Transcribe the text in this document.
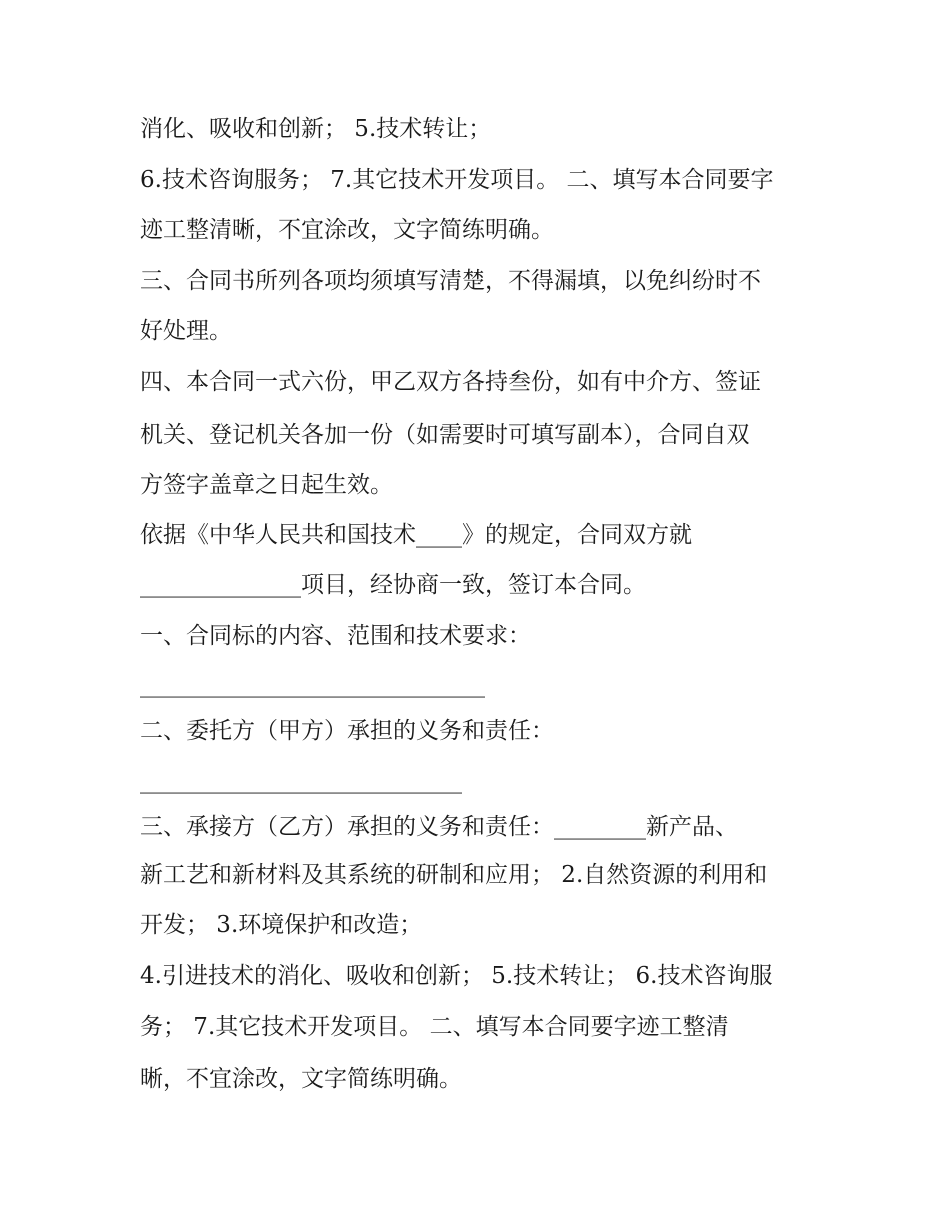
消化、吸收和创新； 5.技术转让；
6.技术咨询服务； 7.其它技术开发项目。 二、填写本合同要字
迹工整清晰，不宜涂改，文字简练明确。
三、合同书所列各项均须填写清楚，不得漏填，以免纠纷时不
好处理。
四、本合同一式六份，甲乙双方各持叁份，如有中介方、签证
机关、登记机关各加一份（如需要时可填写副本），合同自双
方签字盖章之日起生效。
依据《中华人民共和国技术____》的规定，合同双方就
______________项目，经协商一致，签订本合同。
一、合同标的内容、范围和技术要求：
______________________________
二、委托方（甲方）承担的义务和责任：
____________________________
三、承接方（乙方）承担的义务和责任：________新产品、
新工艺和新材料及其系统的研制和应用； 2.自然资源的利用和
开发； 3.环境保护和改造；
4.引进技术的消化、吸收和创新； 5.技术转让； 6.技术咨询服
务； 7.其它技术开发项目。 二、填写本合同要字迹工整清
晰，不宜涂改，文字简练明确。
